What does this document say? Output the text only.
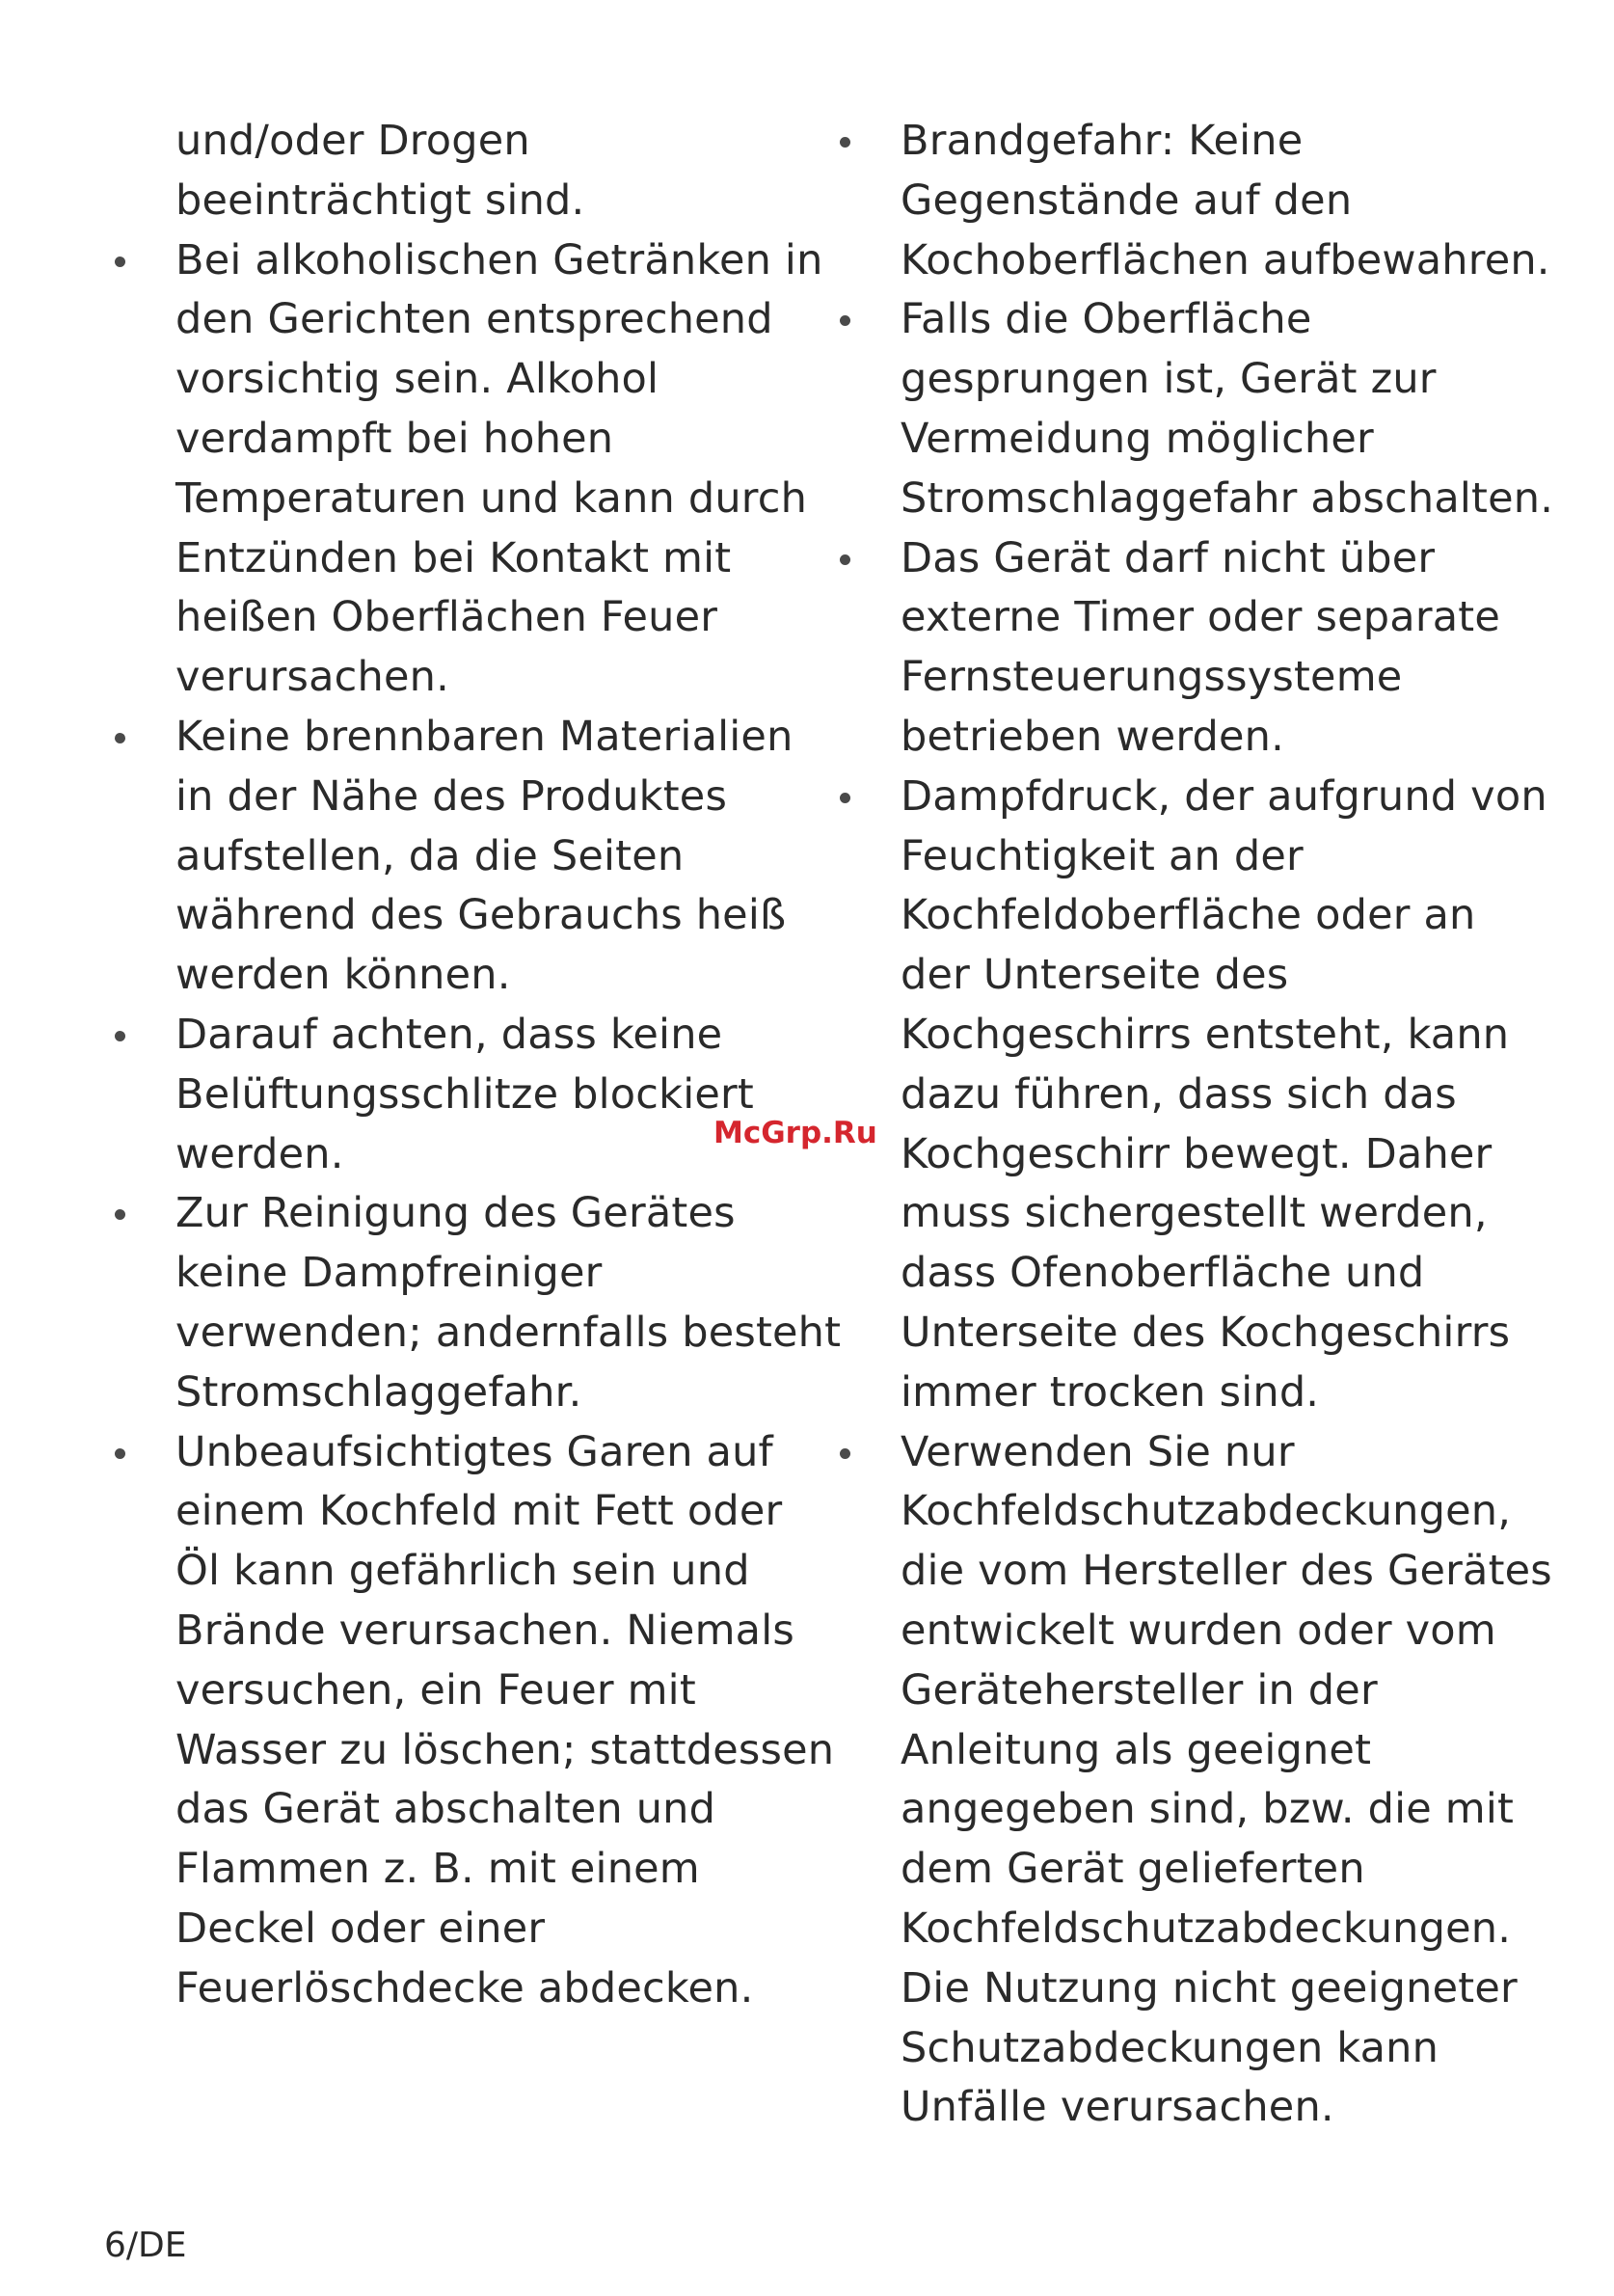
und/oder Drogen
beeinträchtigt sind.
Bei alkoholischen Getränken in
den Gerichten entsprechend
vorsichtig sein. Alkohol
verdampft bei hohen
Temperaturen und kann durch
Entzünden bei Kontakt mit
heißen Oberflächen Feuer
verursachen.
Keine brennbaren Materialien
in der Nähe des Produktes
aufstellen, da die Seiten
während des Gebrauchs heiß
werden können.
Darauf achten, dass keine
Belüftungsschlitze blockiert
werden.
Zur Reinigung des Gerätes
keine Dampfreiniger
verwenden; andernfalls besteht
Stromschlaggefahr.
Unbeaufsichtigtes Garen auf
einem Kochfeld mit Fett oder
Öl kann gefährlich sein und
Brände verursachen. Niemals
versuchen, ein Feuer mit
Wasser zu löschen; stattdessen
das Gerät abschalten und
Flammen z. B. mit einem
Deckel oder einer
Feuerlöschdecke abdecken.
Brandgefahr: Keine
Gegenstände auf den
Kochoberflächen aufbewahren.
Falls die Oberfläche
gesprungen ist, Gerät zur
Vermeidung möglicher
Stromschlaggefahr abschalten.
Das Gerät darf nicht über
externe Timer oder separate
Fernsteuerungssysteme
betrieben werden.
Dampfdruck, der aufgrund von
Feuchtigkeit an der
Kochfeldoberfläche oder an
der Unterseite des
Kochgeschirrs entsteht, kann
dazu führen, dass sich das
Kochgeschirr bewegt. Daher
muss sichergestellt werden,
dass Ofenoberfläche und
Unterseite des Kochgeschirrs
immer trocken sind.
Verwenden Sie nur
Kochfeldschutzabdeckungen,
die vom Hersteller des Gerätes
entwickelt wurden oder vom
Gerätehersteller in der
Anleitung als geeignet
angegeben sind, bzw. die mit
dem Gerät gelieferten
Kochfeldschutzabdeckungen.
Die Nutzung nicht geeigneter
Schutzabdeckungen kann
Unfälle verursachen.
McGrp.Ru
6/DE
